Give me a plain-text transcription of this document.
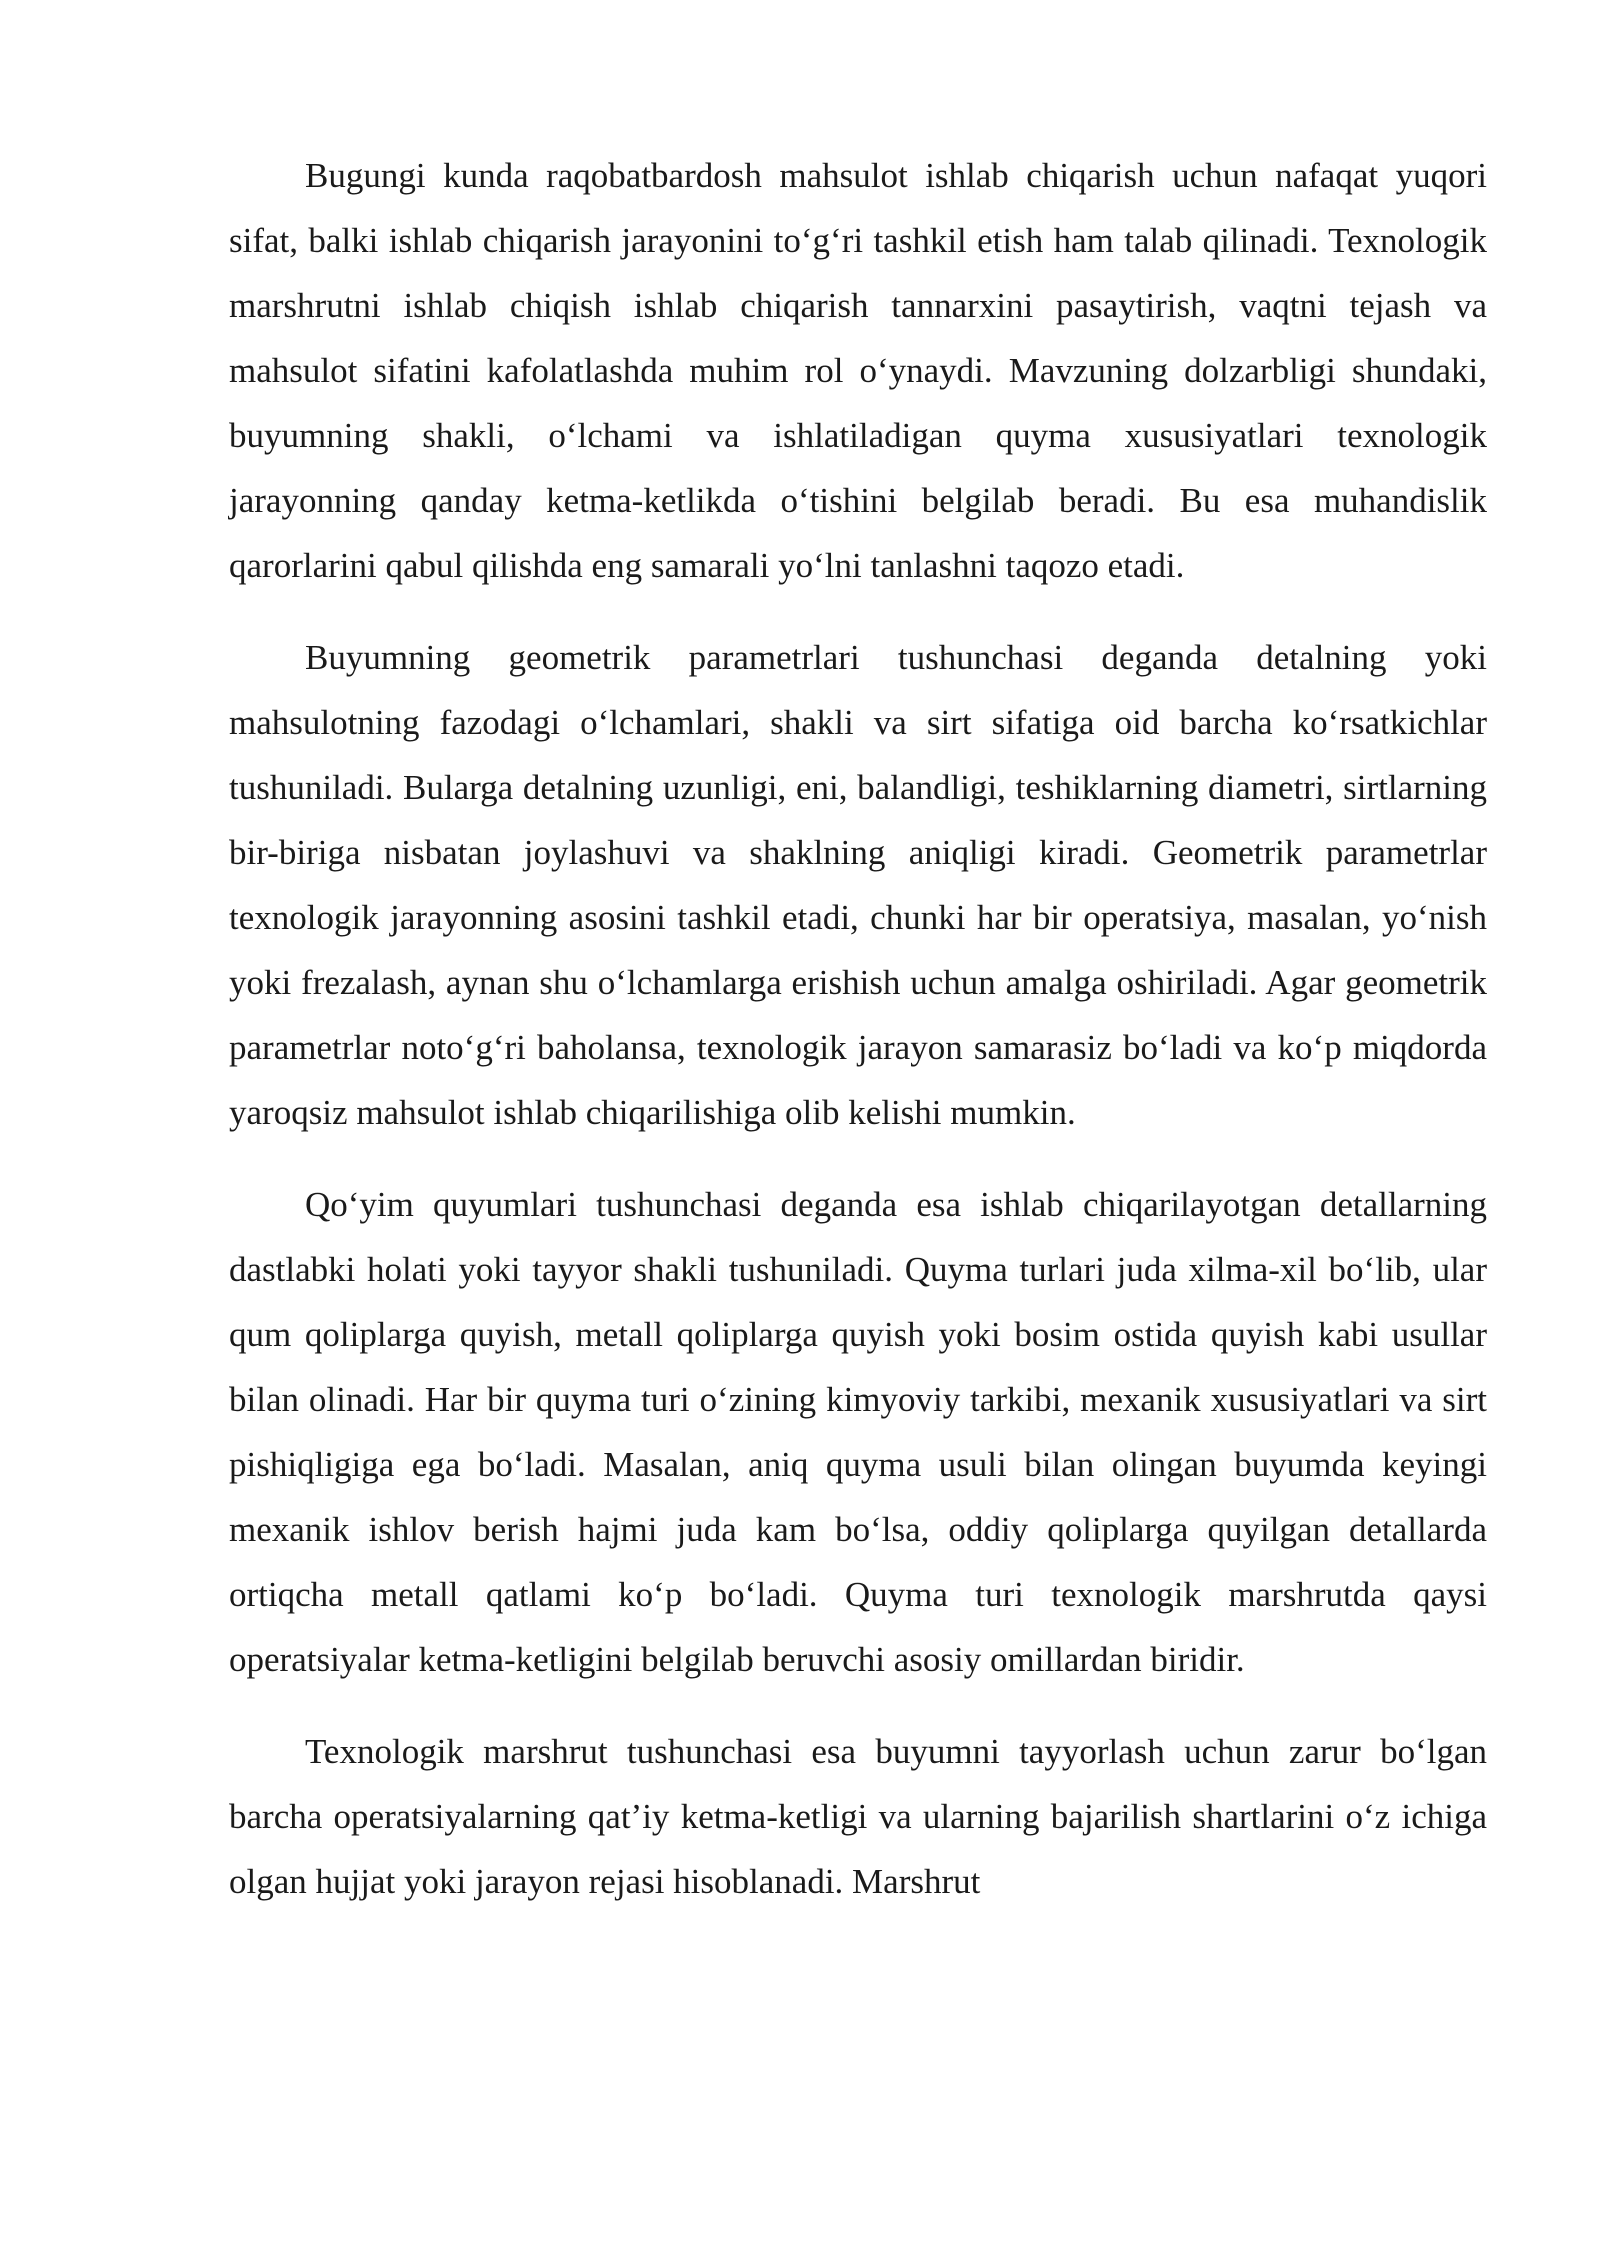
Bugungi kunda raqobatbardosh mahsulot ishlab chiqarish uchun nafaqat yuqori sifat, balki ishlab chiqarish jarayonini to‘g‘ri tashkil etish ham talab qilinadi. Texnologik marshrutni ishlab chiqish ishlab chiqarish tannarxini pasaytirish, vaqtni tejash va mahsulot sifatini kafolatlashda muhim rol o‘ynaydi. Mavzuning dolzarbligi shundaki, buyumning shakli, o‘lchami va ishlatiladigan quyma xususiyatlari texnologik jarayonning qanday ketma-ketlikda o‘tishini belgilab beradi. Bu esa muhandislik qarorlarini qabul qilishda eng samarali yo‘lni tanlashni taqozo etadi.

Buyumning geometrik parametrlari tushunchasi deganda detalning yoki mahsulotning fazodagi o‘lchamlari, shakli va sirt sifatiga oid barcha ko‘rsatkichlar tushuniladi. Bularga detalning uzunligi, eni, balandligi, teshiklarning diametri, sirtlarning bir-biriga nisbatan joylashuvi va shaklning aniqligi kiradi. Geometrik parametrlar texnologik jarayonning asosini tashkil etadi, chunki har bir operatsiya, masalan, yo‘nish yoki frezalash, aynan shu o‘lchamlarga erishish uchun amalga oshiriladi. Agar geometrik parametrlar noto‘g‘ri baholansa, texnologik jarayon samarasiz bo‘ladi va ko‘p miqdorda yaroqsiz mahsulot ishlab chiqarilishiga olib kelishi mumkin.

Qo‘yim quyumlari tushunchasi deganda esa ishlab chiqarilayotgan detallarning dastlabki holati yoki tayyor shakli tushuniladi. Quyma turlari juda xilma-xil bo‘lib, ular qum qoliplarga quyish, metall qoliplarga quyish yoki bosim ostida quyish kabi usullar bilan olinadi. Har bir quyma turi o‘zining kimyoviy tarkibi, mexanik xususiyatlari va sirt pishiqligiga ega bo‘ladi. Masalan, aniq quyma usuli bilan olingan buyumda keyingi mexanik ishlov berish hajmi juda kam bo‘lsa, oddiy qoliplarga quyilgan detallarda ortiqcha metall qatlami ko‘p bo‘ladi. Quyma turi texnologik marshrutda qaysi operatsiyalar ketma-ketligini belgilab beruvchi asosiy omillardan biridir.

Texnologik marshrut tushunchasi esa buyumni tayyorlash uchun zarur bo‘lgan barcha operatsiyalarning qat’iy ketma-ketligi va ularning bajarilish shartlarini o‘z ichiga olgan hujjat yoki jarayon rejasi hisoblanadi. Marshrut
